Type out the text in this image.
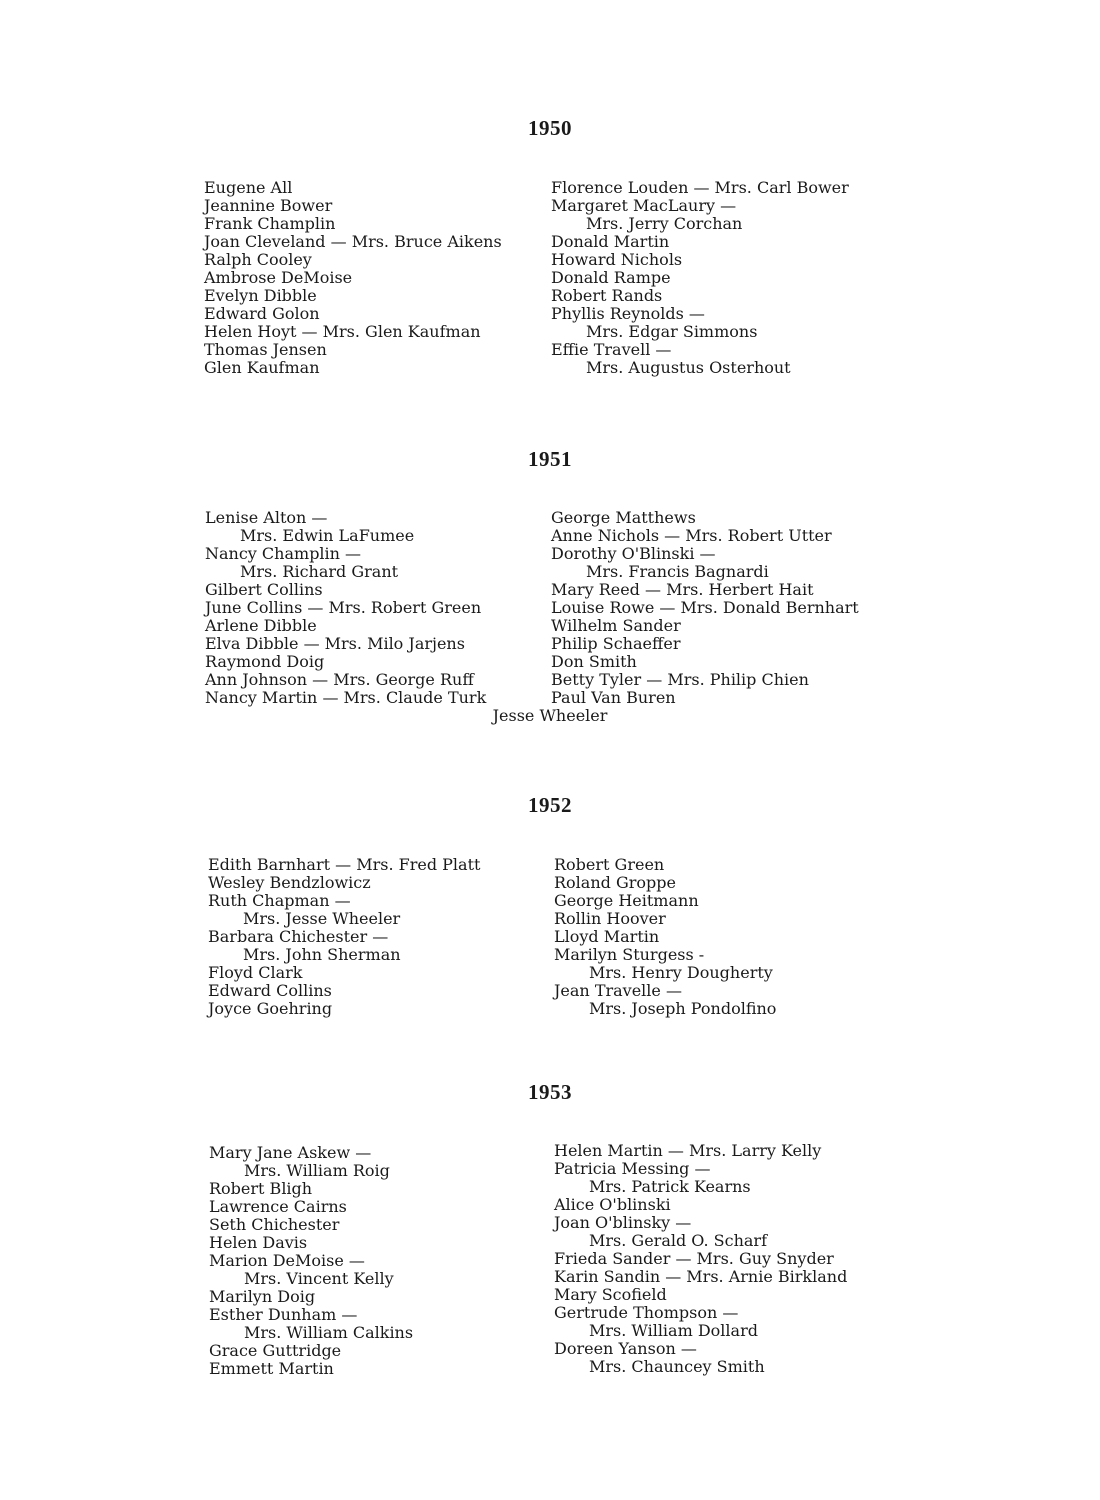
1950
Eugene All
Jeannine Bower
Frank Champlin
Joan Cleveland — Mrs. Bruce Aikens
Ralph Cooley
Ambrose DeMoise
Evelyn Dibble
Edward Golon
Helen Hoyt — Mrs. Glen Kaufman
Thomas Jensen
Glen Kaufman
Florence Louden — Mrs. Carl Bower
Margaret MacLaury —
Mrs. Jerry Corchan
Donald Martin
Howard Nichols
Donald Rampe
Robert Rands
Phyllis Reynolds —
Mrs. Edgar Simmons
Effie Travell —
Mrs. Augustus Osterhout
1951
Lenise Alton —
Mrs. Edwin LaFumee
Nancy Champlin —
Mrs. Richard Grant
Gilbert Collins
June Collins — Mrs. Robert Green
Arlene Dibble
Elva Dibble — Mrs. Milo Jarjens
Raymond Doig
Ann Johnson — Mrs. George Ruff
Nancy Martin — Mrs. Claude Turk
George Matthews
Anne Nichols — Mrs. Robert Utter
Dorothy O'Blinski —
Mrs. Francis Bagnardi
Mary Reed — Mrs. Herbert Hait
Louise Rowe — Mrs. Donald Bernhart
Wilhelm Sander
Philip Schaeffer
Don Smith
Betty Tyler — Mrs. Philip Chien
Paul Van Buren
Jesse Wheeler
1952
Edith Barnhart — Mrs. Fred Platt
Wesley Bendzlowicz
Ruth Chapman —
Mrs. Jesse Wheeler
Barbara Chichester —
Mrs. John Sherman
Floyd Clark
Edward Collins
Joyce Goehring
Robert Green
Roland Groppe
George Heitmann
Rollin Hoover
Lloyd Martin
Marilyn Sturgess -
Mrs. Henry Dougherty
Jean Travelle —
Mrs. Joseph Pondolfino
1953
Mary Jane Askew —
Mrs. William Roig
Robert Bligh
Lawrence Cairns
Seth Chichester
Helen Davis
Marion DeMoise —
Mrs. Vincent Kelly
Marilyn Doig
Esther Dunham —
Mrs. William Calkins
Grace Guttridge
Emmett Martin
Helen Martin — Mrs. Larry Kelly
Patricia Messing —
Mrs. Patrick Kearns
Alice O'blinski
Joan O'blinsky —
Mrs. Gerald O. Scharf
Frieda Sander — Mrs. Guy Snyder
Karin Sandin — Mrs. Arnie Birkland
Mary Scofield
Gertrude Thompson —
Mrs. William Dollard
Doreen Yanson —
Mrs. Chauncey Smith
